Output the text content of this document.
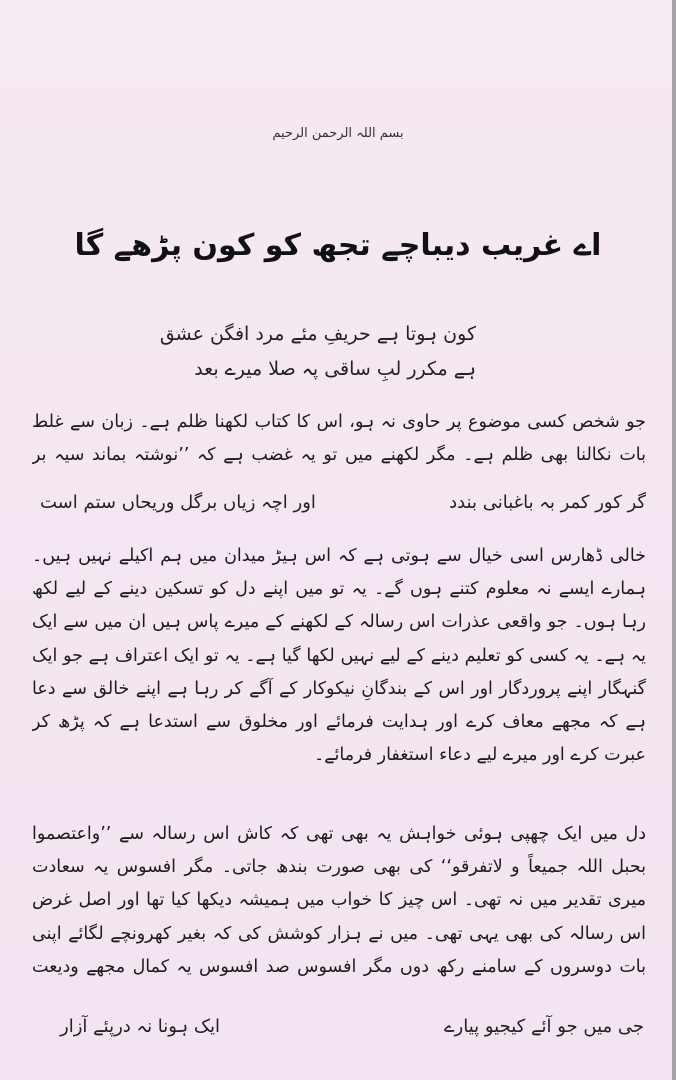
بسم اللہ الرحمن الرحیم
اے غریب دیباچے تجھ کو کون پڑھے گا
کون ہوتا ہے حریفِ مئے مرد افگن عشق
ہے مکرر لبِ ساقی پہ صلا میرے بعد
جو شخص کسی موضوع پر حاوی نہ ہو، اس کا کتاب لکھنا ظلم ہے۔ زبان سے غلط بات نکالنا بھی ظلم ہے۔ مگر لکھنے میں تو یہ غضب ہے کہ ’’نوشتہ بماند سیہ بر
گر کور کمر بہ باغبانی بندد
اور اچہ زیاں برگل وریحاں ستم است
خالی ڈھارس اسی خیال سے ہوتی ہے کہ اس ہیڑ میدان میں ہم اکیلے نہیں ہیں۔ ہمارے ایسے نہ معلوم کتنے ہوں گے۔ یہ تو میں اپنے دل کو تسکین دینے کے لیے لکھ رہا ہوں۔ جو واقعی عذرات اس رسالہ کے لکھنے کے میرے پاس ہیں ان میں سے ایک یہ ہے۔ یہ کسی کو تعلیم دینے کے لیے نہیں لکھا گیا ہے۔ یہ تو ایک اعتراف ہے جو ایک گنہگار اپنے پروردگار اور اس کے بندگانِ نیکوکار کے آگے کر رہا ہے اپنے خالق سے دعا ہے کہ مجھے معاف کرے اور ہدایت فرمائے اور مخلوق سے استدعا ہے کہ پڑھ کر عبرت کرے اور میرے لیے دعاء استغفار فرمائے۔
دل میں ایک چھپی ہوئی خواہش یہ بھی تھی کہ کاش اس رسالہ سے ’’واعتصموا بحبل اللہ جمیعاً و لاتفرقو‘‘ کی بھی صورت بندھ جاتی۔ مگر افسوس یہ سعادت میری تقدیر میں نہ تھی۔ اس چیز کا خواب میں ہمیشہ دیکھا کیا تھا اور اصل غرض اس رسالہ کی بھی یہی تھی۔ میں نے ہزار کوشش کی کہ بغیر کھرونچے لگائے اپنی بات دوسروں کے سامنے رکھ دوں مگر افسوس صد افسوس یہ کمال مجھے ودیعت
جی میں جو آئے کیجیو پیارے
ایک ہونا نہ درپئے آزار
